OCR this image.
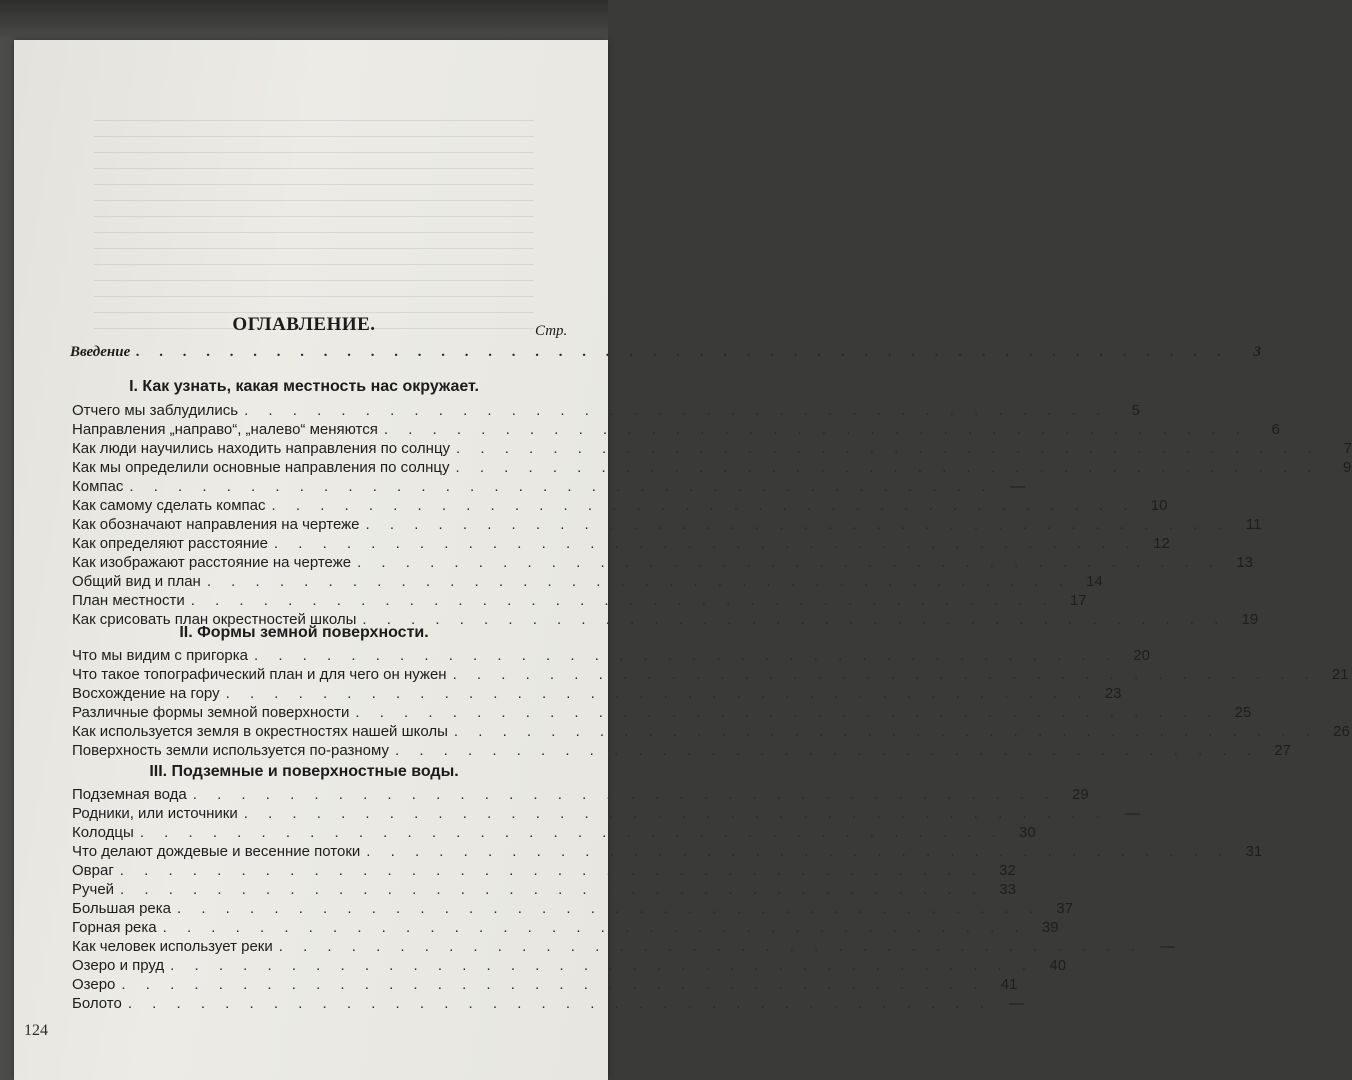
ОГЛАВЛЕНИЕ.	Стр.
Введение . . . . . . . . . . . . . . . . . . . . . . . . . . . . . . . . . . . . . . . . . . . . . . .	3
I. Как узнать, какая местность нас окружает.
Отчего мы заблудились . . . . . . . . . . . . . . . . . . . . . . . . . . . . . . . . . . . .	5
Направления „направо“, „налево“ меняются . . . . . . . . . . . . . . . . . . . . . . . . . . . . . . . . . . . .	6
Как люди научились находить направления по солнцу . . . . . . . . . . . . . . . . . . . . . . . . . . . . . . . . . . . .	7
Как мы определили основные направления по солнцу . . . . . . . . . . . . . . . . . . . . . . . . . . . . . . . . . . . .	9
Компас . . . . . . . . . . . . . . . . . . . . . . . . . . . . . . . . . . . .	—
Как самому сделать компас . . . . . . . . . . . . . . . . . . . . . . . . . . . . . . . . . . . .	10
Как обозначают направления на чертеже . . . . . . . . . . . . . . . . . . . . . . . . . . . . . . . . . . . .	11
Как определяют расстояние . . . . . . . . . . . . . . . . . . . . . . . . . . . . . . . . . . . .	12
Как изображают расстояние на чертеже . . . . . . . . . . . . . . . . . . . . . . . . . . . . . . . . . . . .	13
Общий вид и план . . . . . . . . . . . . . . . . . . . . . . . . . . . . . . . . . . . .	14
План местности . . . . . . . . . . . . . . . . . . . . . . . . . . . . . . . . . . . .	17
Как срисовать план окрестностей школы . . . . . . . . . . . . . . . . . . . . . . . . . . . . . . . . . . . .	19
II. Формы земной поверхности.
Что мы видим с пригорка . . . . . . . . . . . . . . . . . . . . . . . . . . . . . . . . . . . .	20
Что такое топографический план и для чего он нужен . . . . . . . . . . . . . . . . . . . . . . . . . . . . . . . . . . . .	21
Восхождение на гору . . . . . . . . . . . . . . . . . . . . . . . . . . . . . . . . . . . .	23
Различные формы земной поверхности . . . . . . . . . . . . . . . . . . . . . . . . . . . . . . . . . . . .	25
Как используется земля в окрестностях нашей школы . . . . . . . . . . . . . . . . . . . . . . . . . . . . . . . . . . . .	26
Поверхность земли используется по-разному . . . . . . . . . . . . . . . . . . . . . . . . . . . . . . . . . . . .	27
III. Подземные и поверхностные воды.
Подземная вода . . . . . . . . . . . . . . . . . . . . . . . . . . . . . . . . . . . .	29
Родники, или источники . . . . . . . . . . . . . . . . . . . . . . . . . . . . . . . . . . . .	—
Колодцы . . . . . . . . . . . . . . . . . . . . . . . . . . . . . . . . . . . .	30
Что делают дождевые и весенние потоки . . . . . . . . . . . . . . . . . . . . . . . . . . . . . . . . . . . .	31
Овраг . . . . . . . . . . . . . . . . . . . . . . . . . . . . . . . . . . . .	32
Ручей . . . . . . . . . . . . . . . . . . . . . . . . . . . . . . . . . . . .	33
Большая река . . . . . . . . . . . . . . . . . . . . . . . . . . . . . . . . . . . .	37
Горная река . . . . . . . . . . . . . . . . . . . . . . . . . . . . . . . . . . . .	39
Как человек использует реки . . . . . . . . . . . . . . . . . . . . . . . . . . . . . . . . . . . .	—
Озеро и пруд . . . . . . . . . . . . . . . . . . . . . . . . . . . . . . . . . . . .	40
Озеро . . . . . . . . . . . . . . . . . . . . . . . . . . . . . . . . . . . .	41
Болото . . . . . . . . . . . . . . . . . . . . . . . . . . . . . . . . . . . .	—
124
